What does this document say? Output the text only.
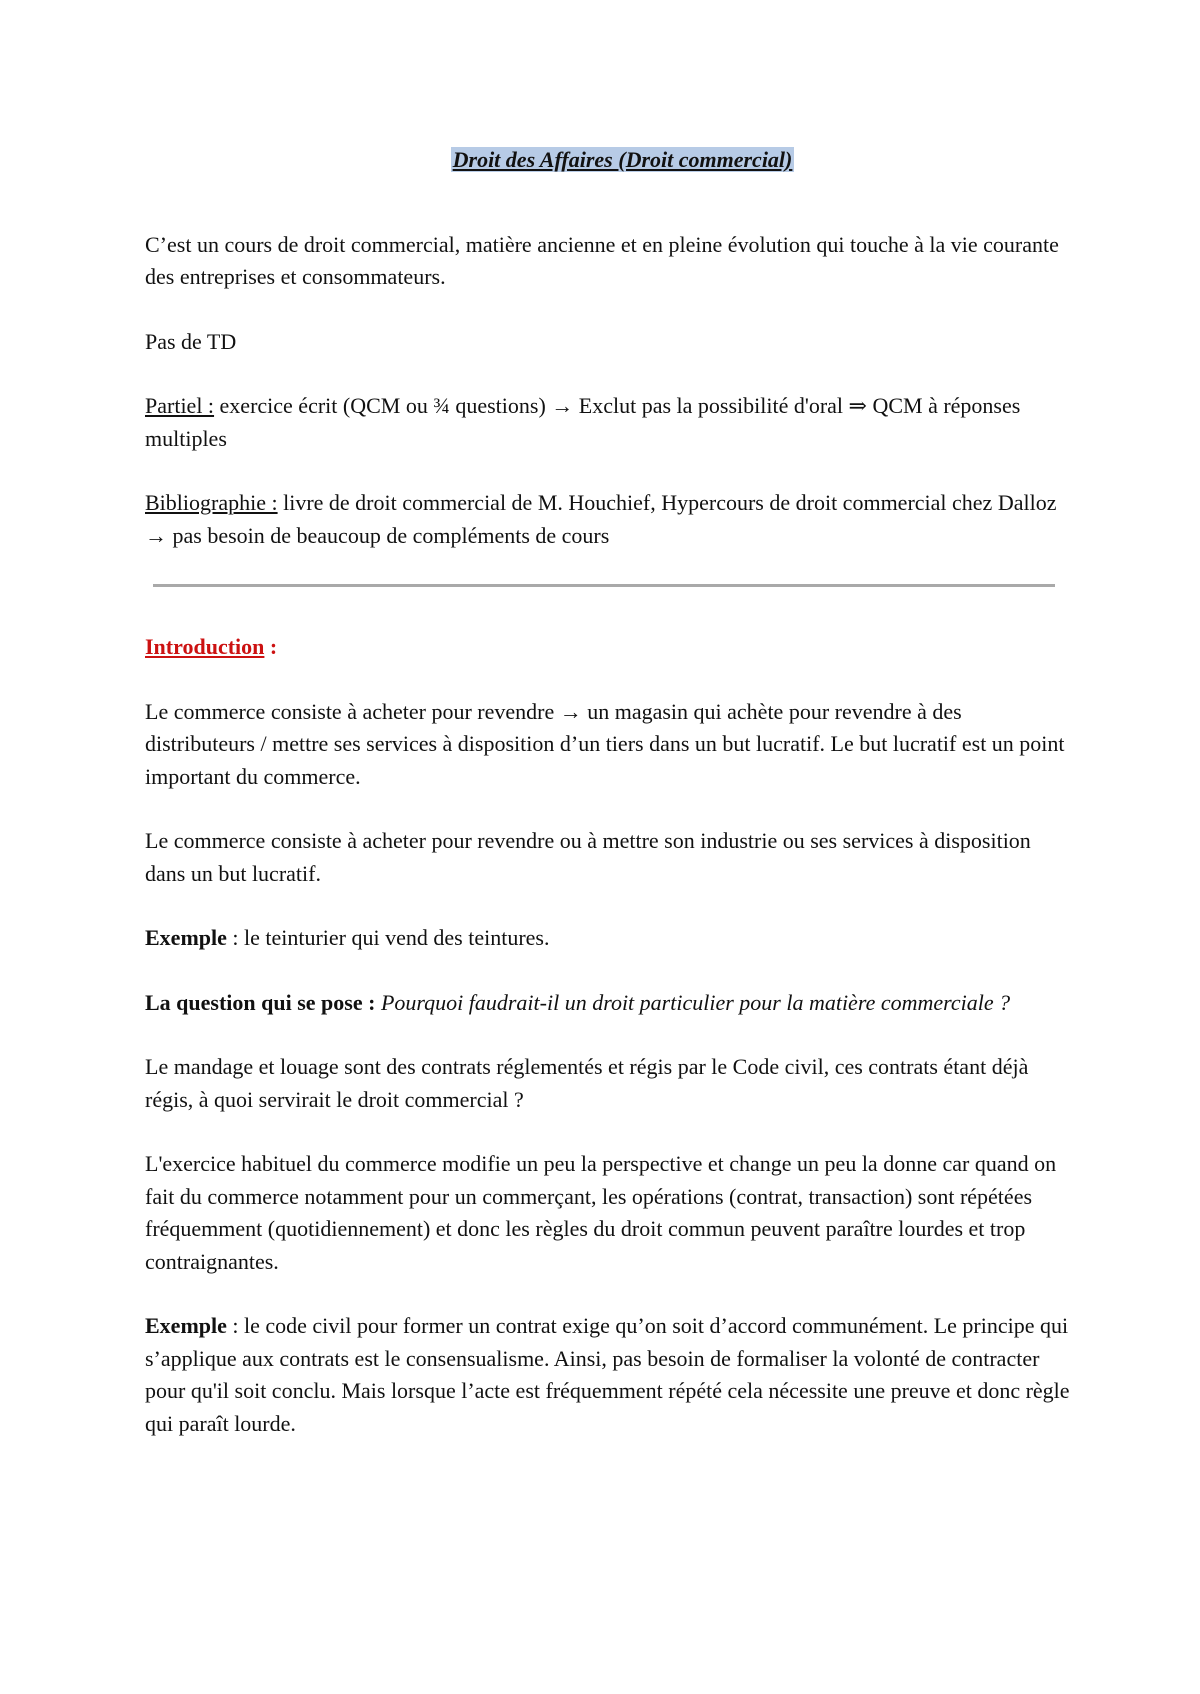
Droit des Affaires (Droit commercial)

C’est un cours de droit commercial, matière ancienne et en pleine évolution qui touche à la vie courante des entreprises et consommateurs.

Pas de TD

Partiel : exercice écrit (QCM ou ¾ questions) → Exclut pas la possibilité d'oral ⇒ QCM à réponses multiples

Bibliographie : livre de droit commercial de M. Houchief, Hypercours de droit commercial chez Dalloz → pas besoin de beaucoup de compléments de cours

Introduction :

Le commerce consiste à acheter pour revendre → un magasin qui achète pour revendre à des distributeurs / mettre ses services à disposition d’un tiers dans un but lucratif. Le but lucratif est un point important du commerce.

Le commerce consiste à acheter pour revendre ou à mettre son industrie ou ses services à disposition dans un but lucratif.

Exemple : le teinturier qui vend des teintures.

La question qui se pose : Pourquoi faudrait-il un droit particulier pour la matière commerciale ?

Le mandage et louage sont des contrats réglementés et régis par le Code civil, ces contrats étant déjà régis, à quoi servirait le droit commercial ?

L'exercice habituel du commerce modifie un peu la perspective et change un peu la donne car quand on fait du commerce notamment pour un commerçant, les opérations (contrat, transaction) sont répétées fréquemment (quotidiennement) et donc les règles du droit commun peuvent paraître lourdes et trop contraignantes.

Exemple : le code civil pour former un contrat exige qu’on soit d’accord communément. Le principe qui s’applique aux contrats est le consensualisme. Ainsi, pas besoin de formaliser la volonté de contracter pour qu'il soit conclu. Mais lorsque l’acte est fréquemment répété cela nécessite une preuve et donc règle qui paraît lourde.
